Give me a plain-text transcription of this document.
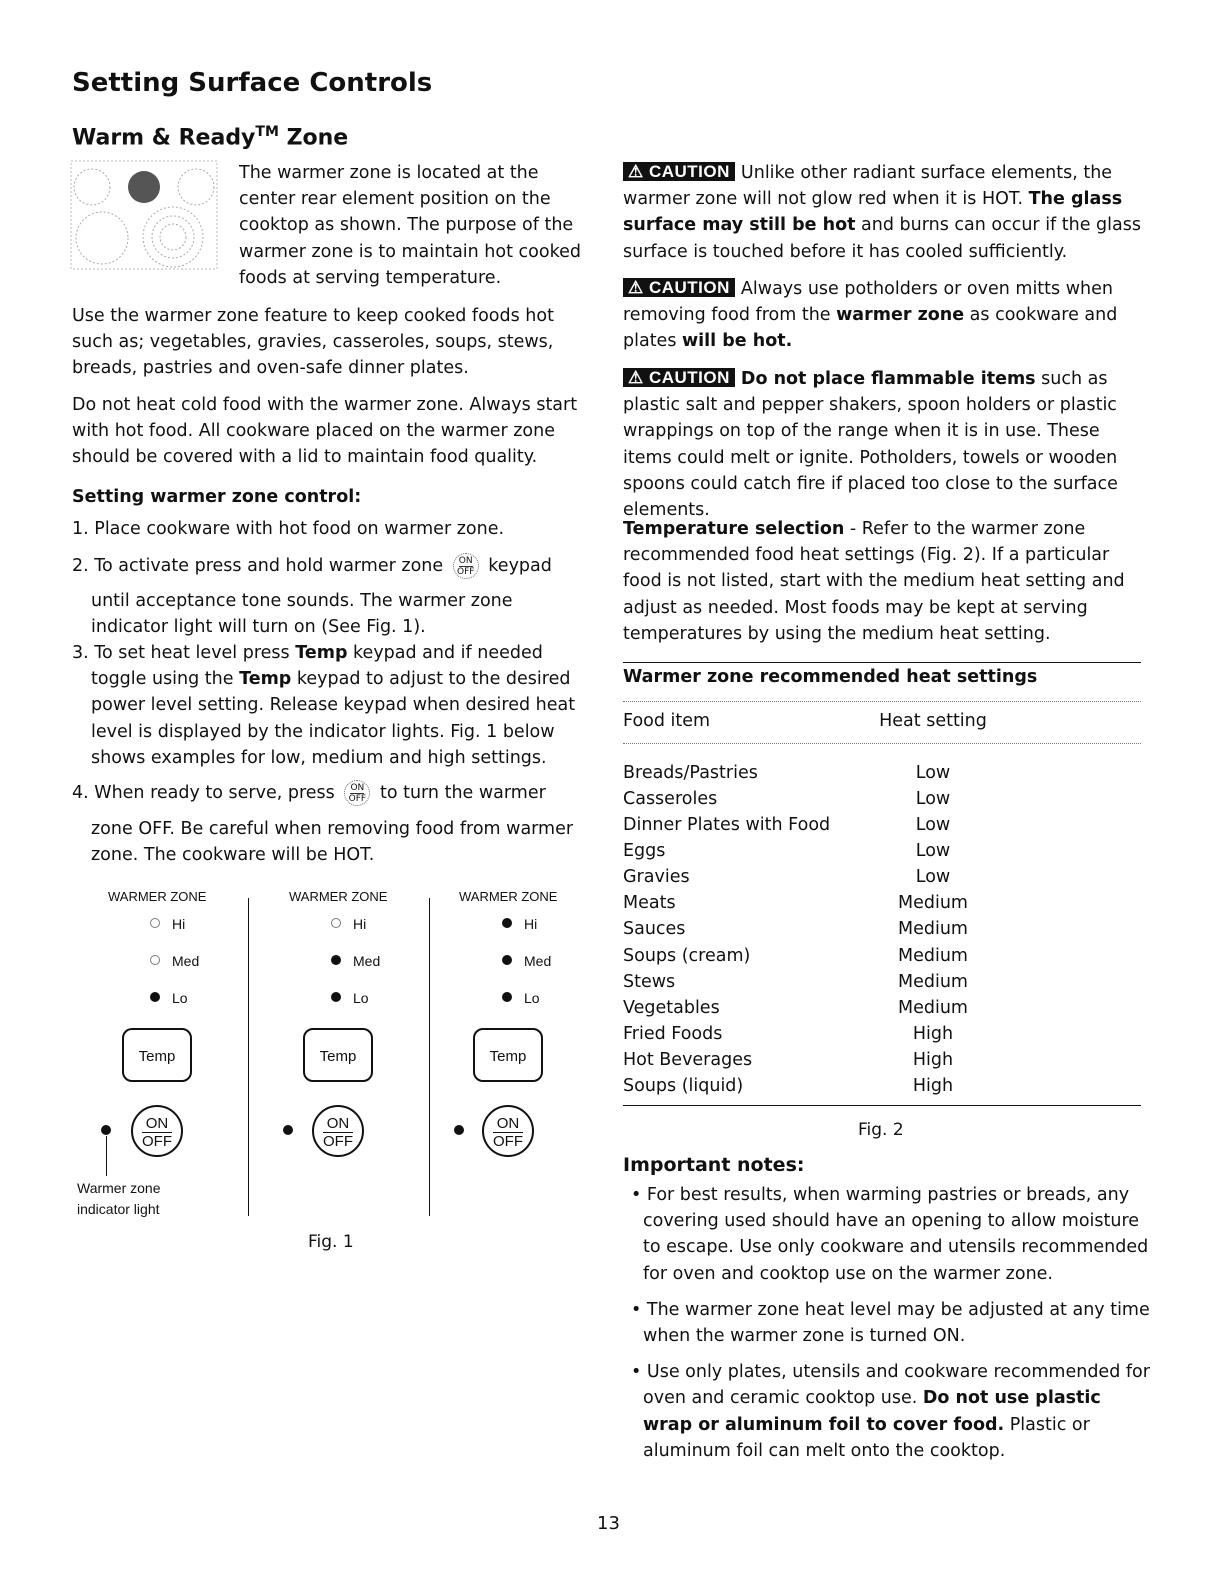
Setting Surface Controls
Warm & Ready™ Zone

The warmer zone is located at the center rear element position on the cooktop as shown. The purpose of the warmer zone is to maintain hot cooked foods at serving temperature.

Use the warmer zone feature to keep cooked foods hot such as; vegetables, gravies, casseroles, soups, stews, breads, pastries and oven-safe dinner plates.

Do not heat cold food with the warmer zone. Always start with hot food. All cookware placed on the warmer zone should be covered with a lid to maintain food quality.

Setting warmer zone control:

1. Place cookware with hot food on warmer zone.

2. To activate press and hold warmer zone ON
OFF keypad

until acceptance tone sounds. The warmer zone indicator light will turn on (See Fig. 1).

3. To set heat level press Temp keypad and if needed toggle using the Temp keypad to adjust to the desired power level setting. Release keypad when desired heat level is displayed by the indicator lights. Fig. 1 below shows examples for low, medium and high settings.

4. When ready to serve, press ON
OFF to turn the warmer

zone OFF. Be careful when removing food from warmer zone. The cookware will be HOT.

WARMER ZONE
Hi
Med
Lo
Temp
ON
OFF
Warmer zone
indicator light
WARMER ZONE
Hi
Med
Lo
Temp
ON
OFF
WARMER ZONE
Hi
Med
Lo
Temp
ON
OFF
Fig. 1

⚠ CAUTION Unlike other radiant surface elements, the warmer zone will not glow red when it is HOT. The glass surface may still be hot and burns can occur if the glass surface is touched before it has cooled sufficiently.

⚠ CAUTION Always use potholders or oven mitts when removing food from the warmer zone as cookware and plates will be hot.

⚠ CAUTION Do not place flammable items such as plastic salt and pepper shakers, spoon holders or plastic wrappings on top of the range when it is in use. These items could melt or ignite. Potholders, towels or wooden spoons could catch fire if placed too close to the surface elements.

Temperature selection - Refer to the warmer zone recommended food heat settings (Fig. 2). If a particular food is not listed, start with the medium heat setting and adjust as needed. Most foods may be kept at serving temperatures by using the medium heat setting.

Warmer zone recommended heat settings
Food item	Heat setting
Breads/Pastries	Low
Casseroles	Low
Dinner Plates with Food	Low
Eggs	Low
Gravies	Low
Meats	Medium
Sauces	Medium
Soups (cream)	Medium
Stews	Medium
Vegetables	Medium
Fried Foods	High
Hot Beverages	High
Soups (liquid)	High
Fig. 2
Important notes:
• For best results, when warming pastries or breads, any covering used should have an opening to allow moisture to escape. Use only cookware and utensils recommended for oven and cooktop use on the warmer zone.
• The warmer zone heat level may be adjusted at any time when the warmer zone is turned ON.
• Use only plates, utensils and cookware recommended for oven and ceramic cooktop use. Do not use plastic wrap or aluminum foil to cover food. Plastic or aluminum foil can melt onto the cooktop.
13
